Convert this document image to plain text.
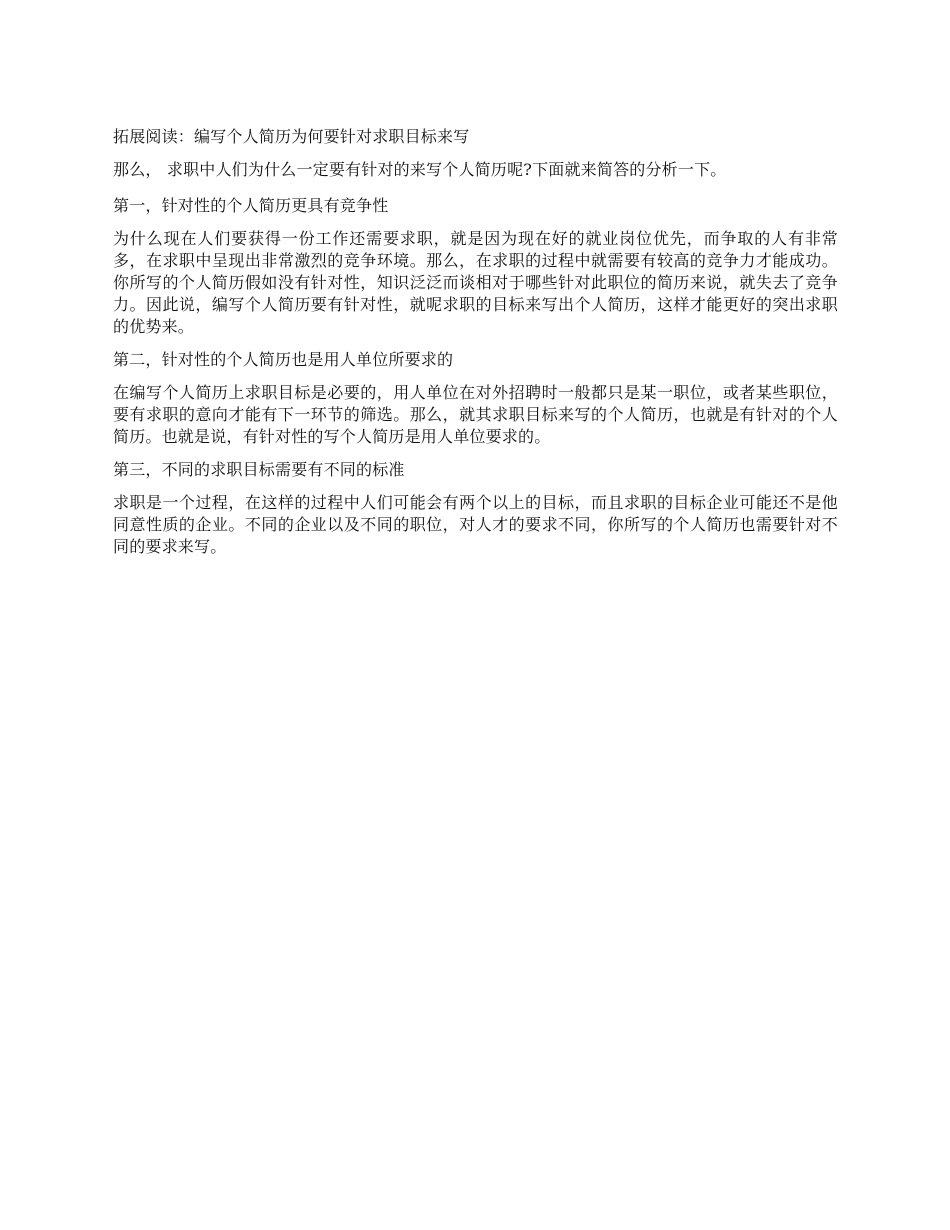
拓展阅读：编写个人简历为何要针对求职目标来写

那么， 求职中人们为什么一定要有针对的来写个人简历呢?下面就来简答的分析一下。

第一，针对性的个人简历更具有竞争性

为什么现在人们要获得一份工作还需要求职，就是因为现在好的就业岗位优先，而争取的人有非常多，在求职中呈现出非常激烈的竞争环境。那么，在求职的过程中就需要有较高的竞争力才能成功。你所写的个人简历假如没有针对性，知识泛泛而谈相对于哪些针对此职位的简历来说，就失去了竞争力。因此说，编写个人简历要有针对性，就呢求职的目标来写出个人简历，这样才能更好的突出求职的优势来。

第二，针对性的个人简历也是用人单位所要求的

在编写个人简历上求职目标是必要的，用人单位在对外招聘时一般都只是某一职位，或者某些职位，要有求职的意向才能有下一环节的筛选。那么，就其求职目标来写的个人简历，也就是有针对的个人简历。也就是说，有针对性的写个人简历是用人单位要求的。

第三，不同的求职目标需要有不同的标准

求职是一个过程，在这样的过程中人们可能会有两个以上的目标，而且求职的目标企业可能还不是他同意性质的企业。不同的企业以及不同的职位，对人才的要求不同，你所写的个人简历也需要针对不同的要求来写。
